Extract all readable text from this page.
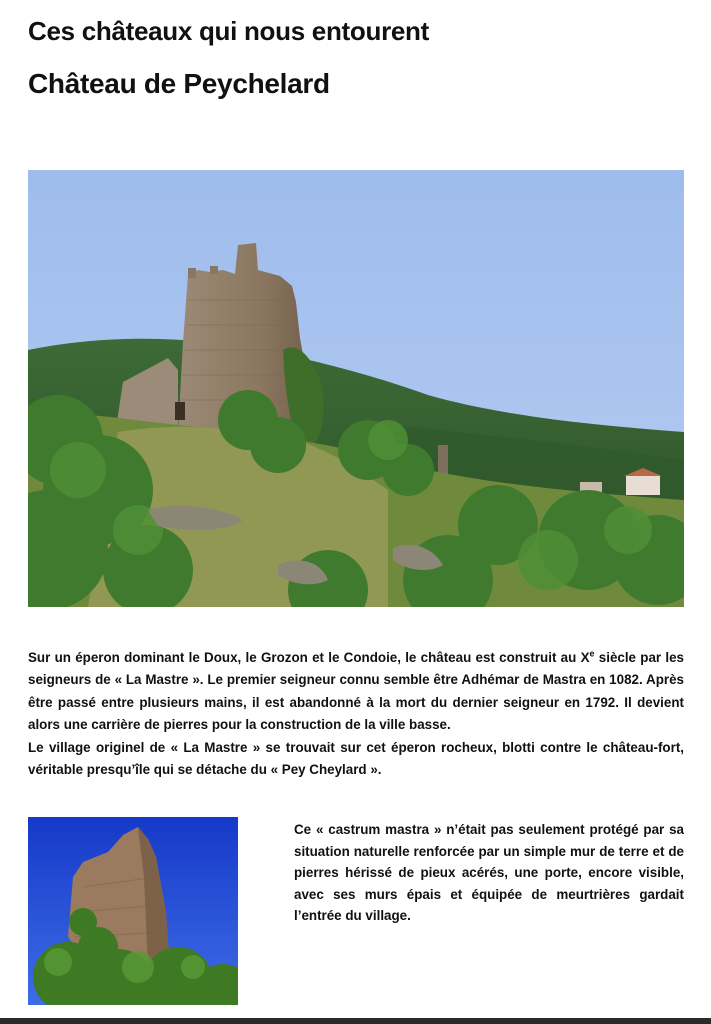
Ces châteaux qui nous entourent
Château de Peychelard

Sur un éperon dominant le Doux, le Grozon et le Condoie, le château est construit au Xe siècle par les seigneurs de « La Mastre ». Le premier seigneur connu semble être Adhémar de Mastra en 1082. Après être passé entre plusieurs mains, il est abandonné à la mort du dernier seigneur en 1792. Il devient alors une carrière de pierres pour la construction de la ville basse.

Le village originel de « La Mastre » se trouvait sur cet éperon rocheux, blotti contre le château-fort, véritable presqu’île qui se détache du « Pey Cheylard ».

Ce « castrum mastra » n’était pas seulement protégé par sa situation naturelle renforcée par un simple mur de terre et de pierres hérissé de pieux acérés, une porte, encore visible, avec ses murs épais et équipée de meurtrières gardait l’entrée du village.
